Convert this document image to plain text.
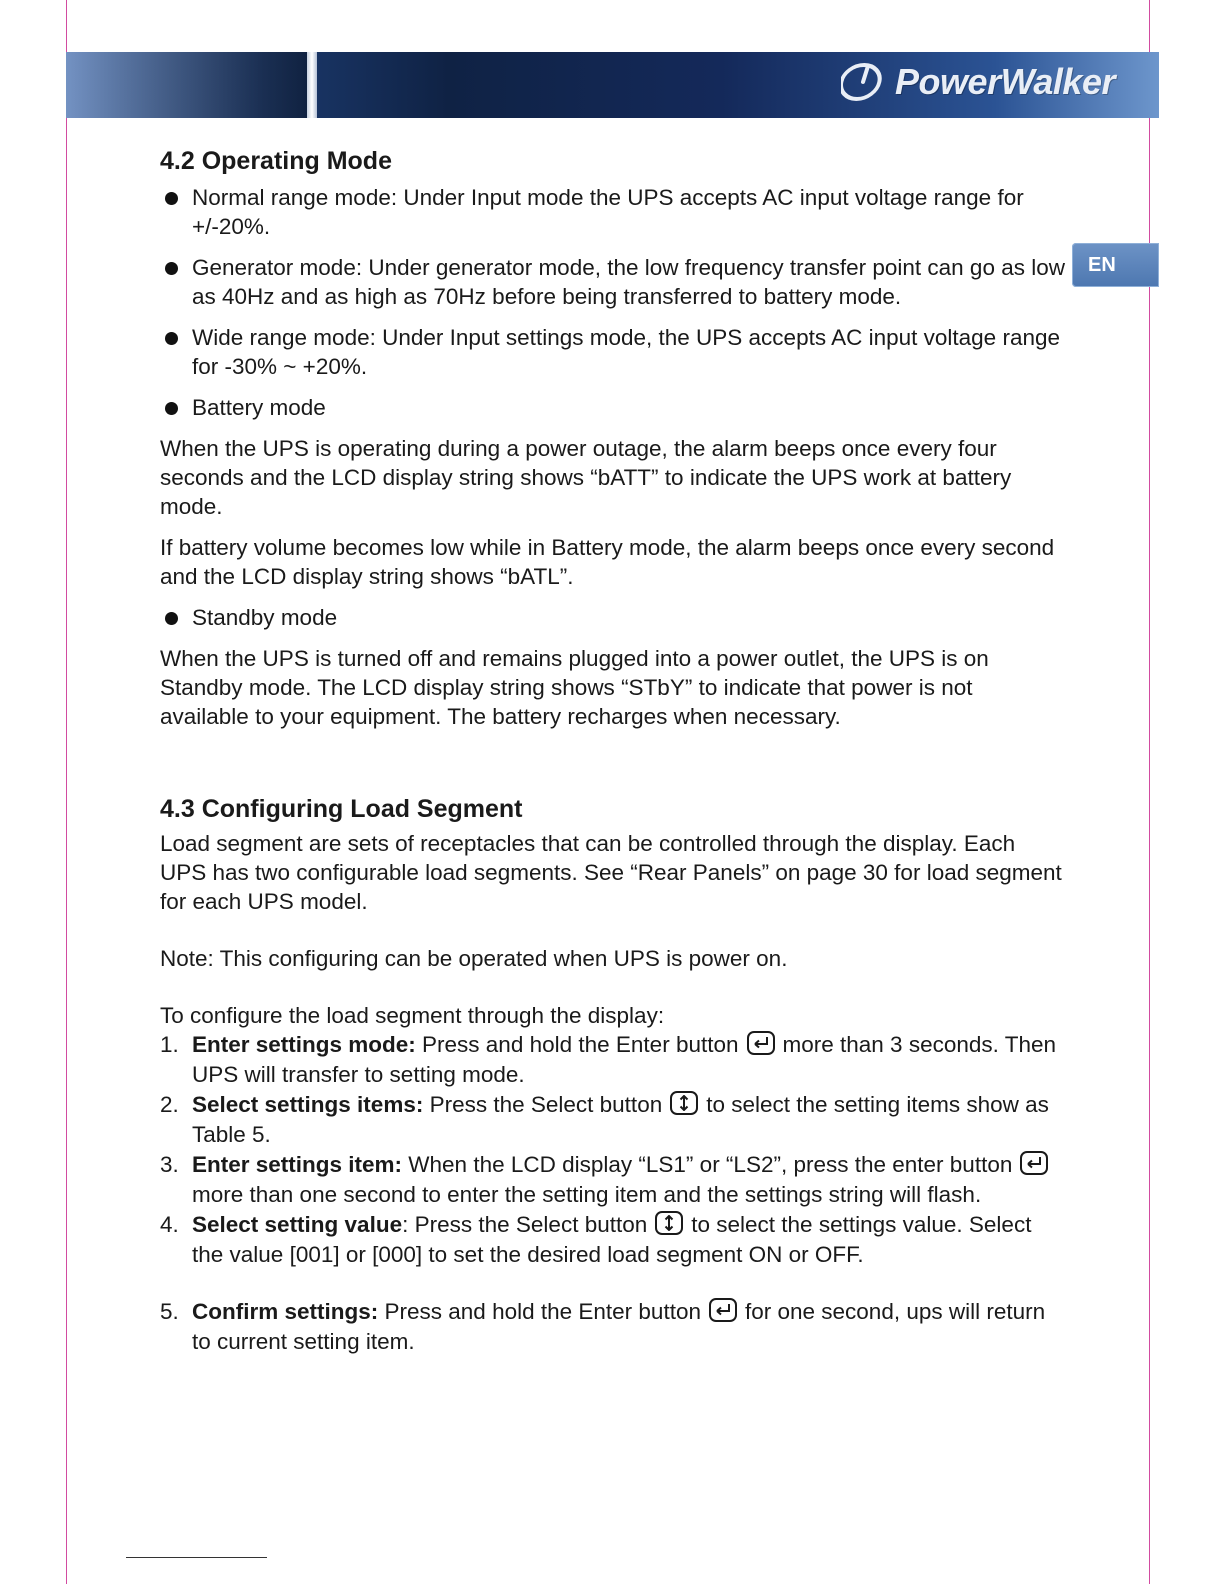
PowerWalker
EN
4.2 Operating Mode
Normal range mode: Under Input mode the UPS accepts AC input voltage range for +/-20%.
Generator mode: Under generator mode, the low frequency transfer point can go as low as 40Hz and as high as 70Hz before being transferred to battery mode.
Wide range mode: Under Input settings mode, the UPS accepts AC input voltage range for -30% ~ +20%.
Battery mode

When the UPS is operating during a power outage, the alarm beeps once every four seconds and the LCD display string shows “bATT” to indicate the UPS work at battery mode.

If battery volume becomes low while in Battery mode, the alarm beeps once every second and the LCD display string shows “bATL”.

Standby mode

When the UPS is turned off and remains plugged into a power outlet, the UPS is on Standby mode. The LCD display string shows “STbY” to indicate that power is not available to your equipment. The battery recharges when necessary.

4.3 Configuring Load Segment

Load segment are sets of receptacles that can be controlled through the display. Each UPS has two configurable load segments. See “Rear Panels” on page 30 for load segment for each UPS model.

Note: This configuring can be operated when UPS is power on.

To configure the load segment through the display:

1. Enter settings mode: Press and hold the Enter button more than 3 seconds. Then UPS will transfer to setting mode.
2. Select settings items: Press the Select button to select the setting items show as Table 5.
3. Enter settings item: When the LCD display “LS1” or “LS2”, press the enter button
more than one second to enter the setting item and the settings string will flash.
4. Select setting value: Press the Select button to select the settings value. Select the value [001] or [000] to set the desired load segment ON or OFF.
5. Confirm settings: Press and hold the Enter button for one second, ups will return to current setting item.
